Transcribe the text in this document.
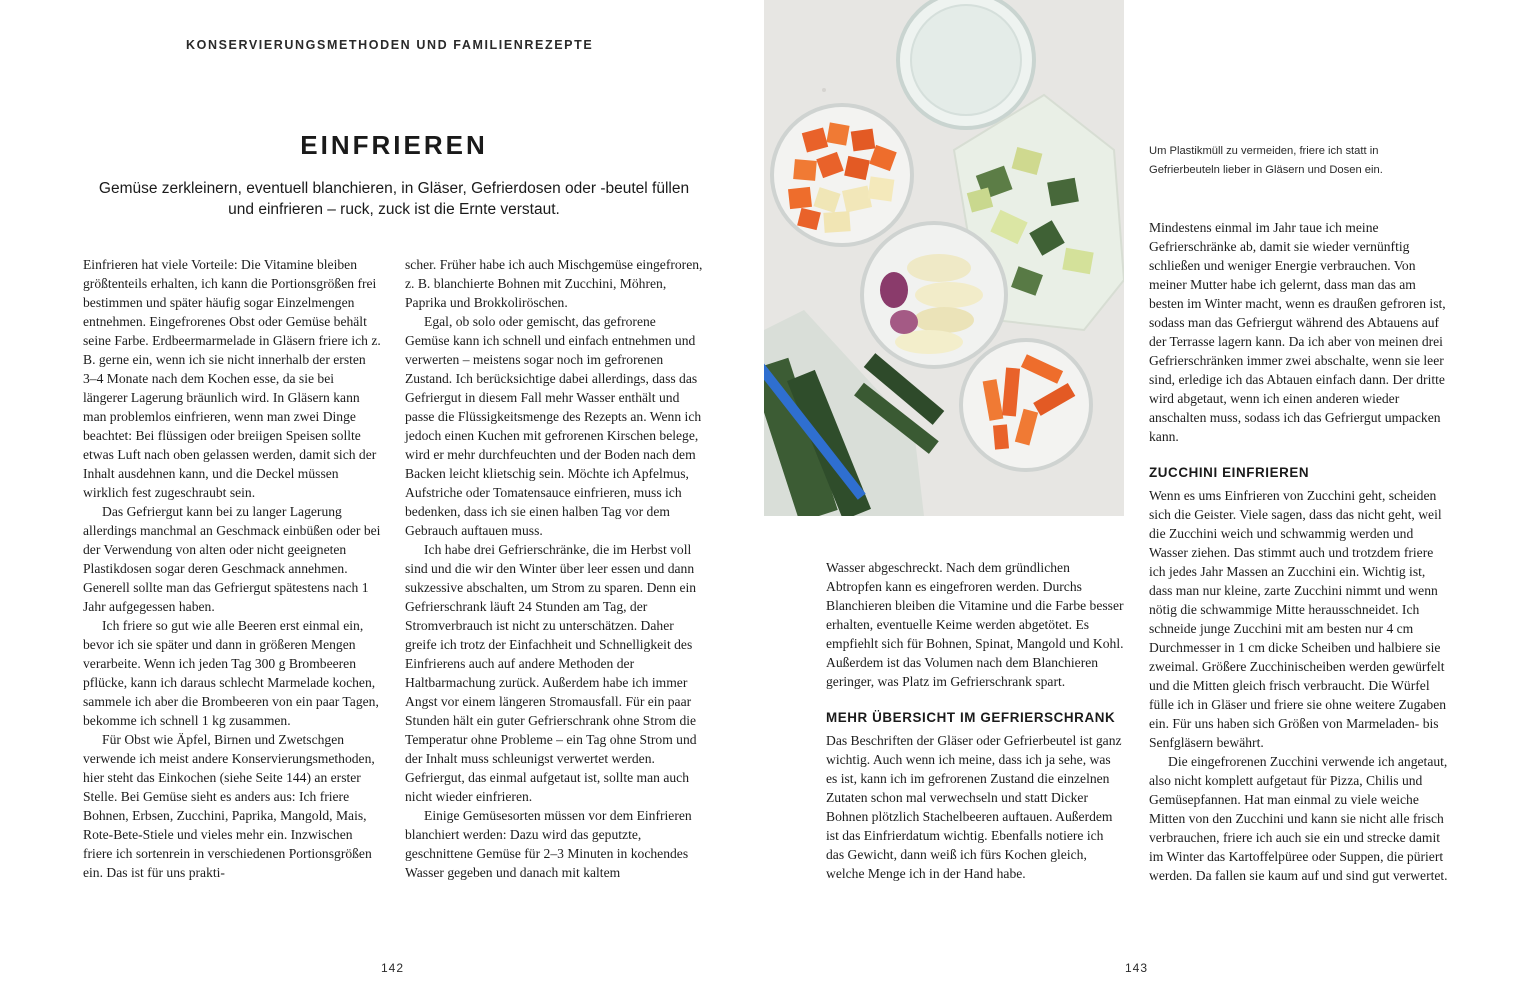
KONSERVIERUNGSMETHODEN UND FAMILIENREZEPTE
EINFRIEREN
Gemüse zerkleinern, eventuell blanchieren, in Gläser, Gefrierdosen oder -beutel füllen und einfrieren – ruck, zuck ist die Ernte verstaut.

Einfrieren hat viele Vorteile: Die Vitamine bleiben größtenteils erhalten, ich kann die Portionsgrößen frei bestimmen und später häufig sogar Einzelmengen entnehmen. Eingefrorenes Obst oder Gemüse behält seine Farbe. Erdbeermarmelade in Gläsern friere ich z. B. gerne ein, wenn ich sie nicht innerhalb der ersten 3–4 Monate nach dem Kochen esse, da sie bei längerer Lagerung bräunlich wird. In Gläsern kann man problemlos einfrieren, wenn man zwei Dinge beachtet: Bei flüssigen oder breiigen Speisen sollte etwas Luft nach oben gelassen werden, damit sich der Inhalt ausdehnen kann, und die Deckel müssen wirklich fest zugeschraubt sein.

Das Gefriergut kann bei zu langer Lagerung allerdings manchmal an Geschmack einbüßen oder bei der Verwendung von alten oder nicht geeigneten Plastikdosen sogar deren Geschmack annehmen. Generell sollte man das Gefriergut spätestens nach 1 Jahr aufgegessen haben.

Ich friere so gut wie alle Beeren erst einmal ein, bevor ich sie später und dann in größeren Mengen verarbeite. Wenn ich jeden Tag 300 g Brombeeren pflücke, kann ich daraus schlecht Marmelade kochen, sammele ich aber die Brombeeren von ein paar Tagen, bekomme ich schnell 1 kg zusammen.

Für Obst wie Äpfel, Birnen und Zwetschgen verwende ich meist andere Konservierungsmethoden, hier steht das Einkochen (siehe Seite 144) an erster Stelle. Bei Gemüse sieht es anders aus: Ich friere Bohnen, Erbsen, Zucchini, Paprika, Mangold, Mais, Rote-Bete-Stiele und vieles mehr ein. Inzwischen friere ich sortenrein in verschiedenen Portionsgrößen ein. Das ist für uns prakti-

scher. Früher habe ich auch Mischgemüse eingefroren, z. B. blanchierte Bohnen mit Zucchini, Möhren, Paprika und Brokkoliröschen.

Egal, ob solo oder gemischt, das gefrorene Gemüse kann ich schnell und einfach entnehmen und verwerten – meistens sogar noch im gefrorenen Zustand. Ich berücksichtige dabei allerdings, dass das Gefriergut in diesem Fall mehr Wasser enthält und passe die Flüssigkeitsmenge des Rezepts an. Wenn ich jedoch einen Kuchen mit gefrorenen Kirschen belege, wird er mehr durchfeuchten und der Boden nach dem Backen leicht klietschig sein. Möchte ich Apfelmus, Aufstriche oder Tomatensauce einfrieren, muss ich bedenken, dass ich sie einen halben Tag vor dem Gebrauch auftauen muss.

Ich habe drei Gefrierschränke, die im Herbst voll sind und die wir den Winter über leer essen und dann sukzessive abschalten, um Strom zu sparen. Denn ein Gefrierschrank läuft 24 Stunden am Tag, der Stromverbrauch ist nicht zu unterschätzen. Daher greife ich trotz der Einfachheit und Schnelligkeit des Einfrierens auch auf andere Methoden der Haltbarmachung zurück. Außerdem habe ich immer Angst vor einem längeren Stromausfall. Für ein paar Stunden hält ein guter Gefrierschrank ohne Strom die Temperatur ohne Probleme – ein Tag ohne Strom und der Inhalt muss schleunigst verwertet werden. Gefriergut, das einmal aufgetaut ist, sollte man auch nicht wieder einfrieren.

Einige Gemüsesorten müssen vor dem Einfrieren blanchiert werden: Dazu wird das geputzte, geschnittene Gemüse für 2–3 Minuten in kochendes Wasser gegeben und danach mit kaltem

142
Um Plastikmüll zu vermeiden, friere ich statt in Gefrierbeuteln lieber in Gläsern und Dosen ein.

Wasser abgeschreckt. Nach dem gründlichen Abtropfen kann es eingefroren werden. Durchs Blanchieren bleiben die Vitamine und die Farbe besser erhalten, eventuelle Keime werden abgetötet. Es empfiehlt sich für Bohnen, Spinat, Mangold und Kohl. Außerdem ist das Volumen nach dem Blanchieren geringer, was Platz im Gefrierschrank spart.

MEHR ÜBERSICHT IM GEFRIERSCHRANK

Das Beschriften der Gläser oder Gefrierbeutel ist ganz wichtig. Auch wenn ich meine, dass ich ja sehe, was es ist, kann ich im gefrorenen Zustand die einzelnen Zutaten schon mal verwechseln und statt Dicker Bohnen plötzlich Stachelbeeren auftauen. Außerdem ist das Einfrierdatum wichtig. Ebenfalls notiere ich das Gewicht, dann weiß ich fürs Kochen gleich, welche Menge ich in der Hand habe.

Mindestens einmal im Jahr taue ich meine Gefrierschränke ab, damit sie wieder vernünftig schließen und weniger Energie verbrauchen. Von meiner Mutter habe ich gelernt, dass man das am besten im Winter macht, wenn es draußen gefroren ist, sodass man das Gefriergut während des Abtauens auf der Terrasse lagern kann. Da ich aber von meinen drei Gefrierschränken immer zwei abschalte, wenn sie leer sind, erledige ich das Abtauen einfach dann. Der dritte wird abgetaut, wenn ich einen anderen wieder anschalten muss, sodass ich das Gefriergut umpacken kann.

ZUCCHINI EINFRIEREN

Wenn es ums Einfrieren von Zucchini geht, scheiden sich die Geister. Viele sagen, dass das nicht geht, weil die Zucchini weich und schwammig werden und Wasser ziehen. Das stimmt auch und trotzdem friere ich jedes Jahr Massen an Zucchini ein. Wichtig ist, dass man nur kleine, zarte Zucchini nimmt und wenn nötig die schwammige Mitte herausschneidet. Ich schneide junge Zucchini mit am besten nur 4 cm Durchmesser in 1 cm dicke Scheiben und halbiere sie zweimal. Größere Zucchinischeiben werden gewürfelt und die Mitten gleich frisch verbraucht. Die Würfel fülle ich in Gläser und friere sie ohne weitere Zugaben ein. Für uns haben sich Größen von Marmeladen- bis Senfgläsern bewährt.

Die eingefrorenen Zucchini verwende ich angetaut, also nicht komplett aufgetaut für Pizza, Chilis und Gemüsepfannen. Hat man einmal zu viele weiche Mitten von den Zucchini und kann sie nicht alle frisch verbrauchen, friere ich auch sie ein und strecke damit im Winter das Kartoffelpüree oder Suppen, die püriert werden. Da fallen sie kaum auf und sind gut verwertet.

143
